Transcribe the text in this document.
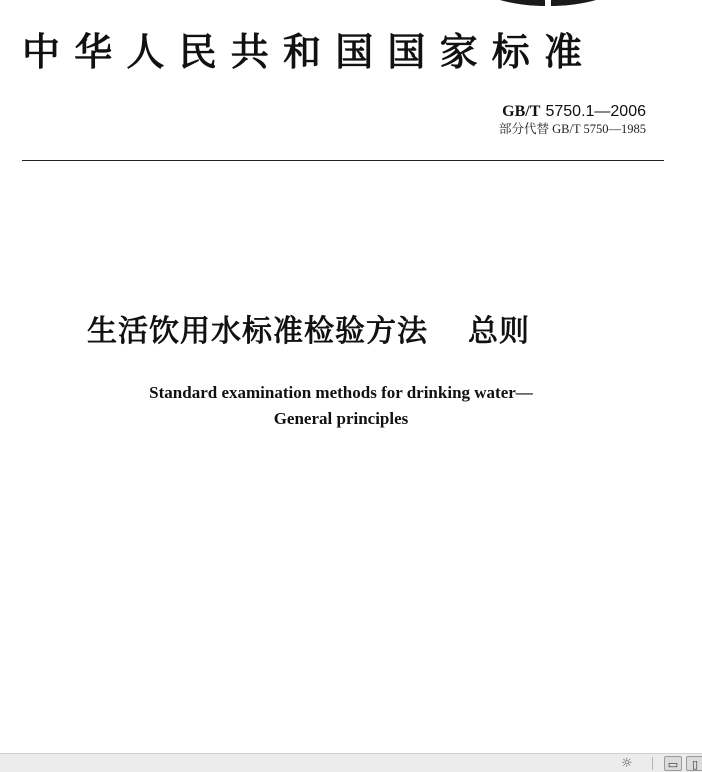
中华人民共和国国家标准
GB/T 5750.1—2006
部分代替 GB/T 5750—1985
生活饮用水标准检验方法 总则
Standard examination methods for drinking water—
General principles
☼	▭	▯
